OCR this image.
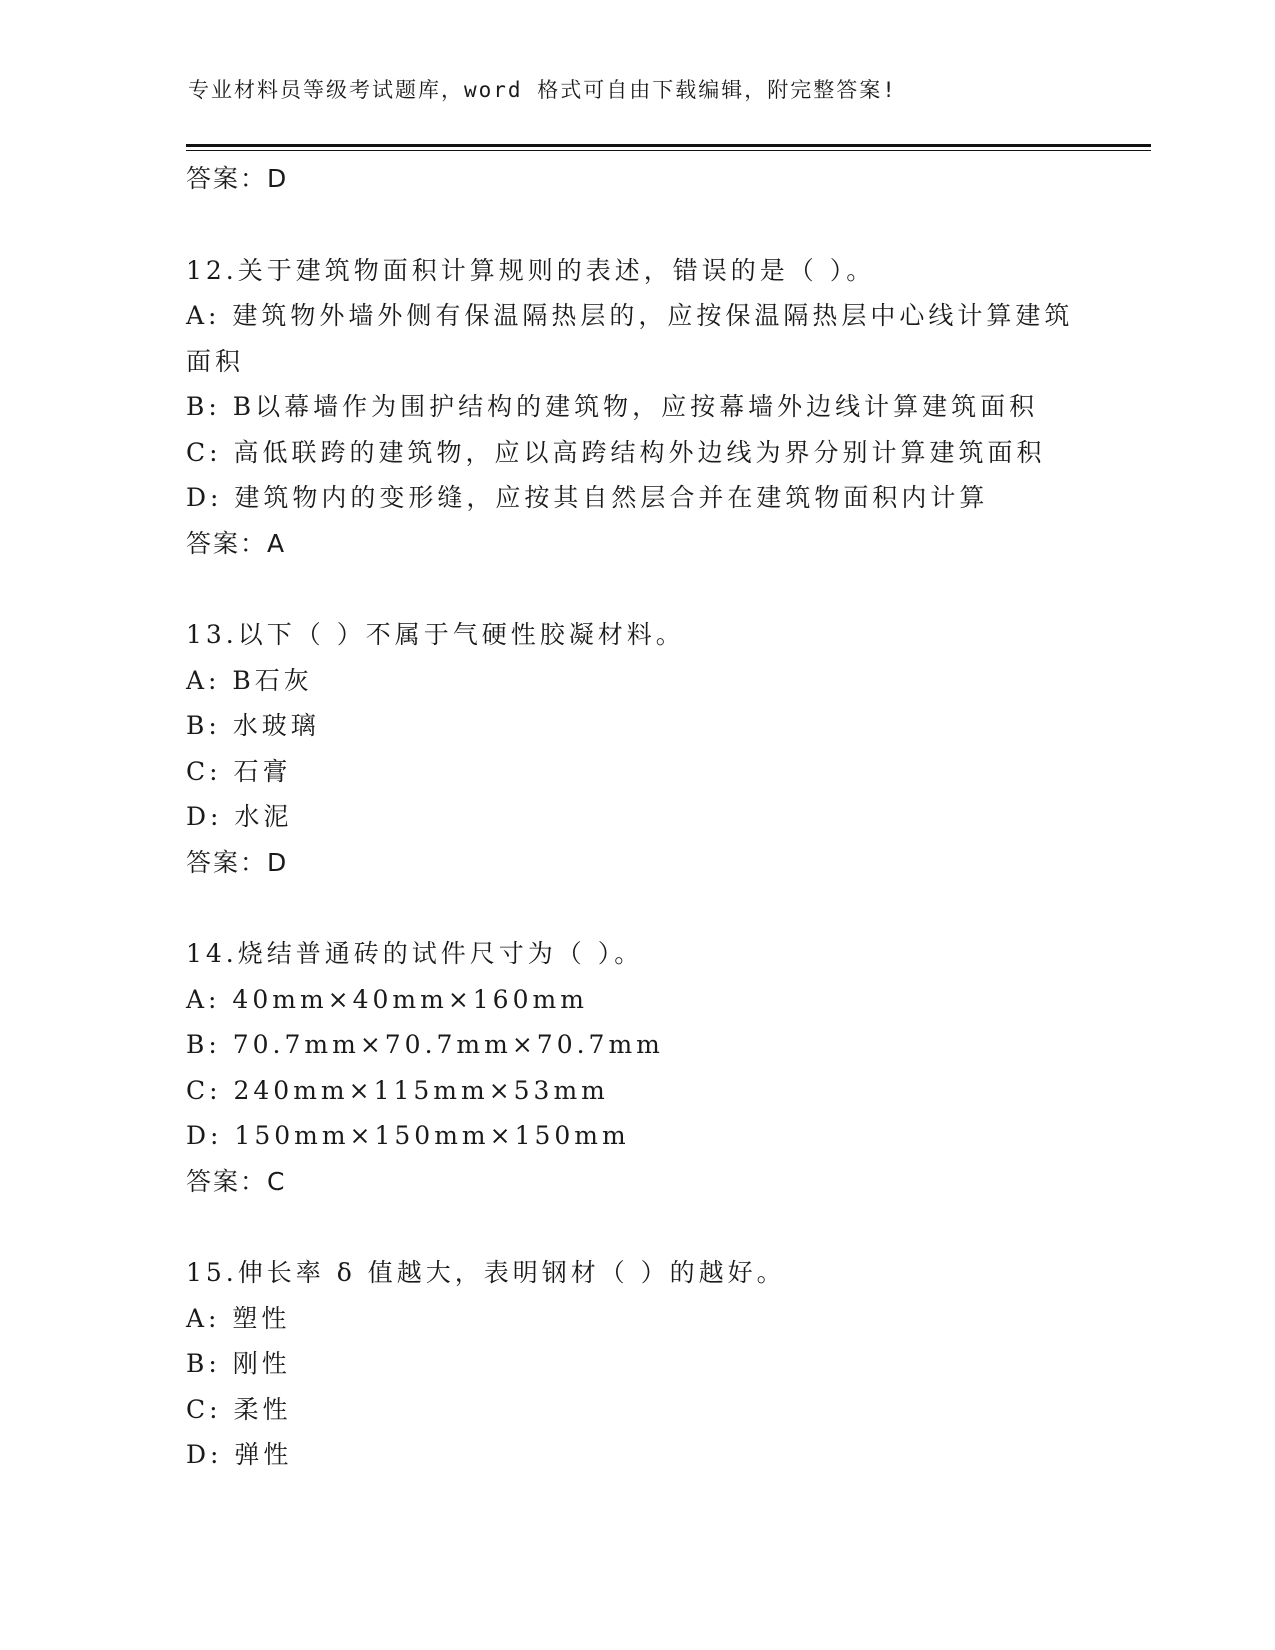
专业材料员等级考试题库，word 格式可自由下载编辑，附完整答案!
答案：D
12.关于建筑物面积计算规则的表述，错误的是（ ）。
A: 建筑物外墙外侧有保温隔热层的，应按保温隔热层中心线计算建筑面积
B: B以幕墙作为围护结构的建筑物，应按幕墙外边线计算建筑面积
C: 高低联跨的建筑物，应以高跨结构外边线为界分别计算建筑面积
D: 建筑物内的变形缝，应按其自然层合并在建筑物面积内计算
答案：A
13.以下（ ）不属于气硬性胶凝材料。
A: B石灰
B: 水玻璃
C: 石膏
D: 水泥
答案：D
14.烧结普通砖的试件尺寸为（ ）。
A: 40mm×40mm×160mm
B: 70.7mm×70.7mm×70.7mm
C: 240mm×115mm×53mm
D: 150mm×150mm×150mm
答案：C
15.伸长率 δ 值越大，表明钢材（ ）的越好。
A: 塑性
B: 刚性
C: 柔性
D: 弹性
